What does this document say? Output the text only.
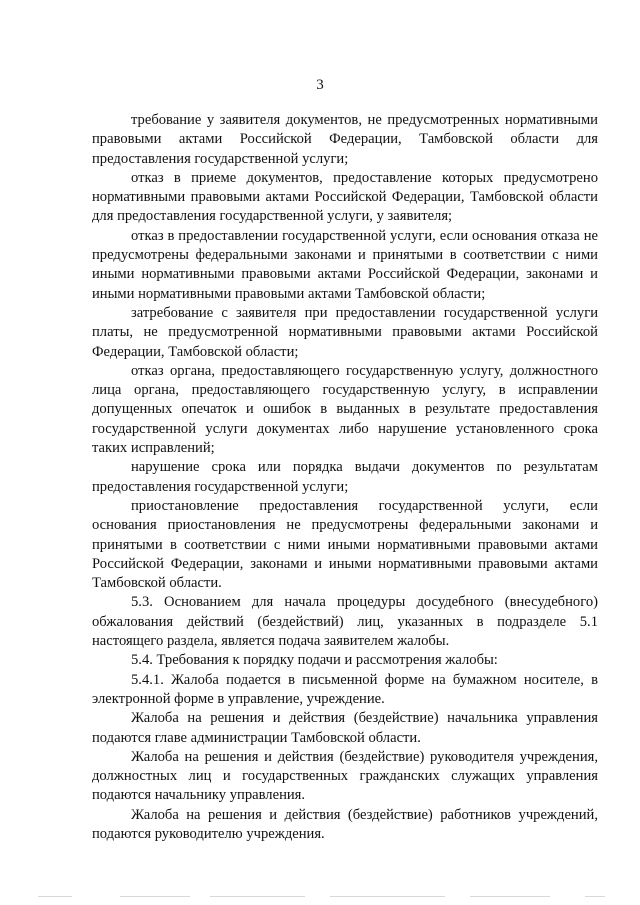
3

требование у заявителя документов, не предусмотренных нормативными правовыми актами Российской Федерации, Тамбовской области для предоставления государственной услуги;

отказ в приеме документов, предоставление которых предусмотрено нормативными правовыми актами Российской Федерации, Тамбовской области для предоставления государственной услуги, у заявителя;

отказ в предоставлении государственной услуги, если основания отказа не предусмотрены федеральными законами и принятыми в соответствии с ними иными нормативными правовыми актами Российской Федерации, законами и иными нормативными правовыми актами Тамбовской области;

затребование с заявителя при предоставлении государственной услуги платы, не предусмотренной нормативными правовыми актами Российской Федерации, Тамбовской области;

отказ органа, предоставляющего государственную услугу, должностного лица органа, предоставляющего государственную услугу, в исправлении допущенных опечаток и ошибок в выданных в результате предоставления государственной услуги документах либо нарушение установленного срока таких исправлений;

нарушение срока или порядка выдачи документов по результатам предоставления государственной услуги;

приостановление предоставления государственной услуги, если основания приостановления не предусмотрены федеральными законами и принятыми в соответствии с ними иными нормативными правовыми актами Российской Федерации, законами и иными нормативными правовыми актами Тамбовской области.

5.3. Основанием для начала процедуры досудебного (внесудебного) обжалования действий (бездействий) лиц, указанных в подразделе 5.1 настоящего раздела, является подача заявителем жалобы.

5.4. Требования к порядку подачи и рассмотрения жалобы:

5.4.1. Жалоба подается в письменной форме на бумажном носителе, в электронной форме в управление, учреждение.

Жалоба на решения и действия (бездействие) начальника управления подаются главе администрации Тамбовской области.

Жалоба на решения и действия (бездействие) руководителя учреждения, должностных лиц и государственных гражданских служащих управления подаются начальнику управления.

Жалоба на решения и действия (бездействие) работников учреждений, подаются руководителю учреждения.
